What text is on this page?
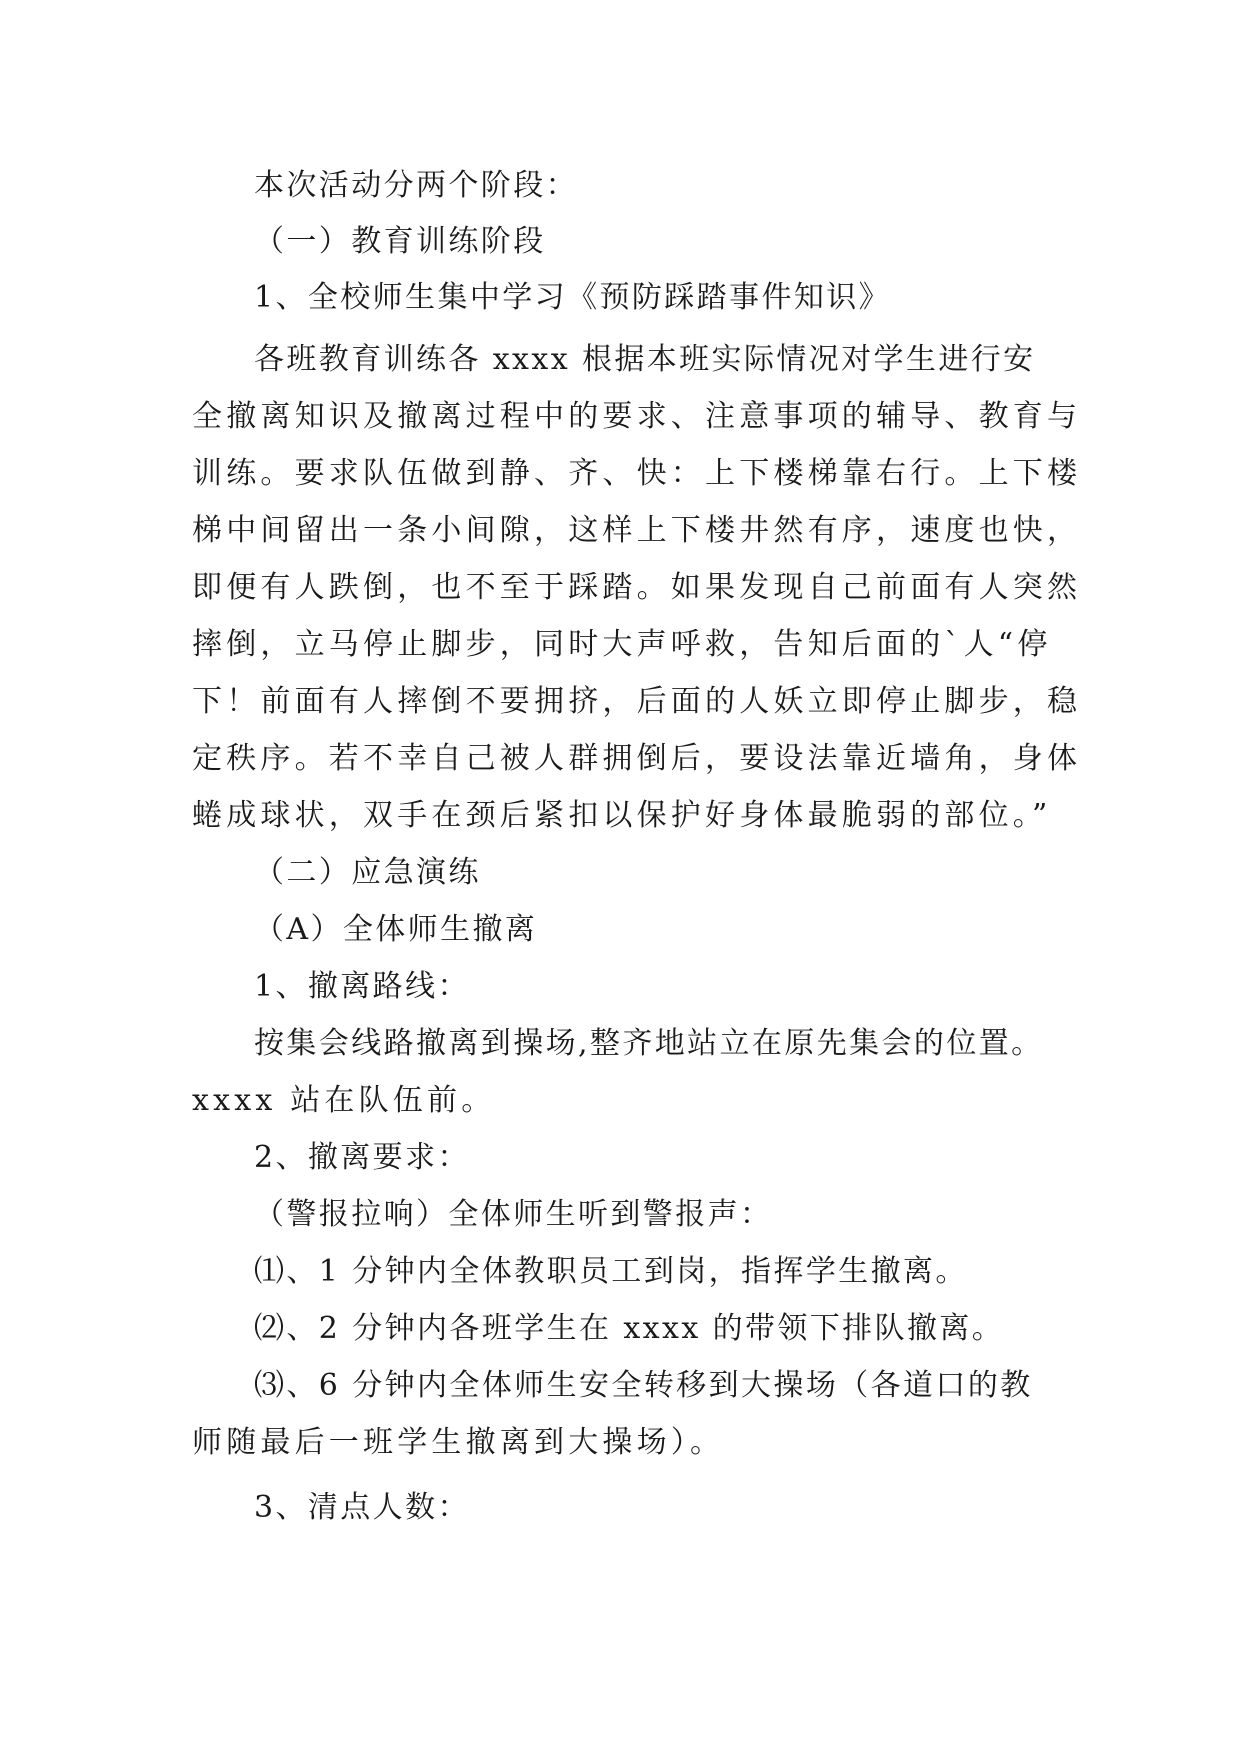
本次活动分两个阶段：
（一）教育训练阶段
1、全校师生集中学习《预防踩踏事件知识》
各班教育训练各 xxxx 根据本班实际情况对学生进行安
全撤离知识及撤离过程中的要求、注意事项的辅导、教育与
训练。要求队伍做到静、齐、快：上下楼梯靠右行。上下楼
梯中间留出一条小间隙，这样上下楼井然有序，速度也快，
即便有人跌倒，也不至于踩踏。如果发现自己前面有人突然
摔倒，立马停止脚步，同时大声呼救，告知后面的`人“停
下！前面有人摔倒不要拥挤，后面的人妖立即停止脚步，稳
定秩序。若不幸自己被人群拥倒后，要设法靠近墙角，身体
蜷成球状，双手在颈后紧扣以保护好身体最脆弱的部位。”
（二）应急演练
（A）全体师生撤离
1、撤离路线：
按集会线路撤离到操场,整齐地站立在原先集会的位置。
xxxx 站在队伍前。
2、撤离要求：
（警报拉响）全体师生听到警报声：
⑴、1 分钟内全体教职员工到岗，指挥学生撤离。
⑵、2 分钟内各班学生在 xxxx 的带领下排队撤离。
⑶、6 分钟内全体师生安全转移到大操场（各道口的教
师随最后一班学生撤离到大操场）。
3、清点人数：
